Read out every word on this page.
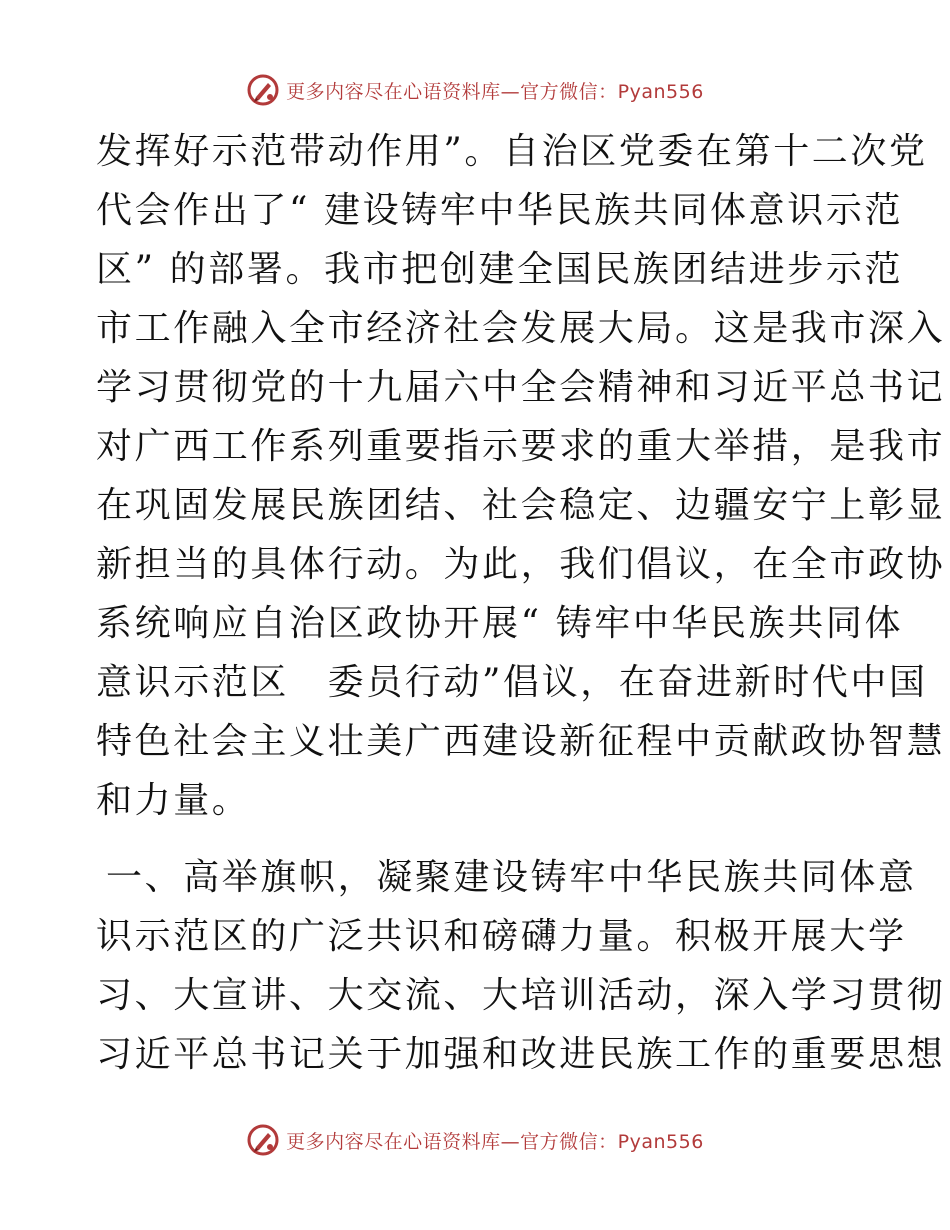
更多内容尽在心语资料库—官方微信：Pyan556
发挥好示范带动作用”。自治区党委在第十二次党
代会作出了“ 建设铸牢中华民族共同体意识示范
区” 的部署。我市把创建全国民族团结进步示范
市工作融入全市经济社会发展大局。这是我市深入
学习贯彻党的十九届六中全会精神和习近平总书记
对广西工作系列重要指示要求的重大举措，是我市
在巩固发展民族团结、社会稳定、边疆安宁上彰显
新担当的具体行动。为此，我们倡议，在全市政协
系统响应自治区政协开展“ 铸牢中华民族共同体
意识示范区　委员行动”倡议，在奋进新时代中国
特色社会主义壮美广西建设新征程中贡献政协智慧
和力量。
一、高举旗帜，凝聚建设铸牢中华民族共同体意
识示范区的广泛共识和磅礴力量。积极开展大学
习、大宣讲、大交流、大培训活动，深入学习贯彻
习近平总书记关于加强和改进民族工作的重要思想
更多内容尽在心语资料库—官方微信：Pyan556
